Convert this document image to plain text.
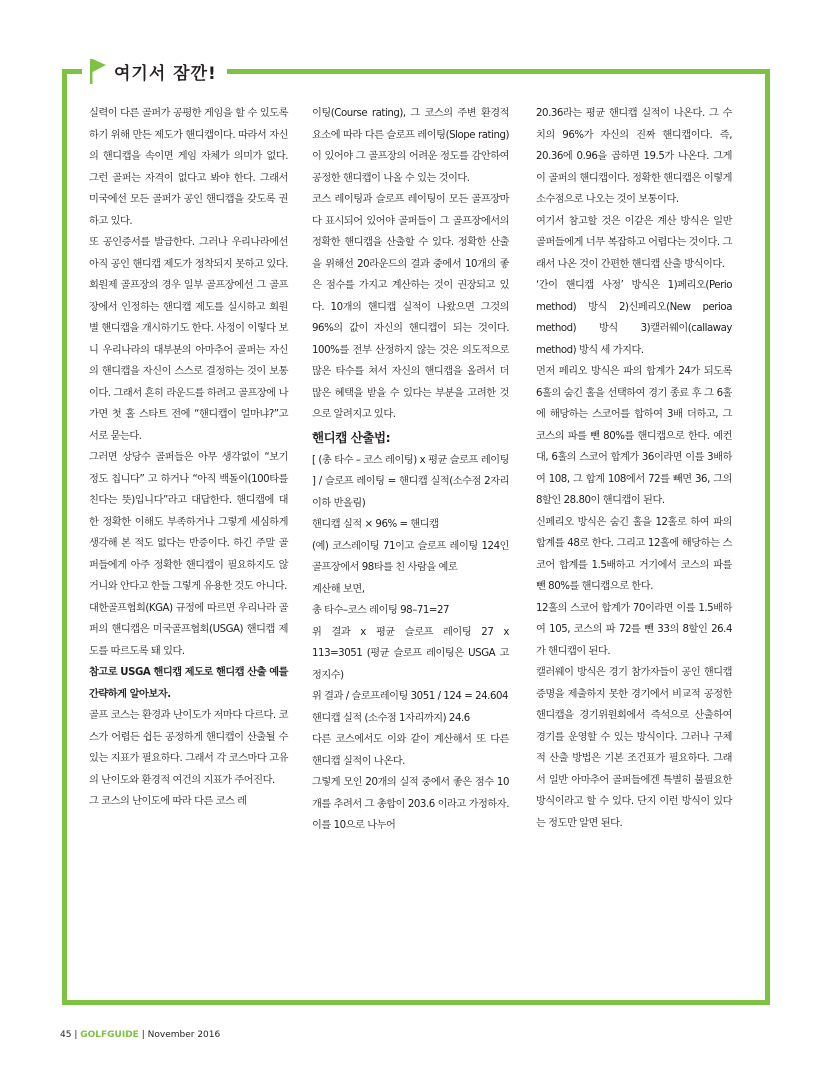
여기서 잠깐!

실력이 다른 골퍼가 공평한 게임을 할 수 있도록 하기 위해 만든 제도가 핸디캡이다. 따라서 자신의 핸디캡을 속이면 게임 자체가 의미가 없다. 그런 골퍼는 자격이 없다고 봐야 한다. 그래서 미국에선 모든 골퍼가 공인 핸디캡을 갖도록 권하고 있다.

또 공인증서를 발급한다. 그러나 우리나라에선 아직 공인 핸디캡 제도가 정착되지 못하고 있다. 회원제 골프장의 경우 일부 골프장에선 그 골프장에서 인정하는 핸디캡 제도를 실시하고 회원별 핸디캡을 개시하기도 한다. 사정이 이렇다 보니 우리나라의 대부분의 아마추어 골퍼는 자신의 핸디캡을 자신이 스스로 결정하는 것이 보통이다. 그래서 흔히 라운드를 하려고 골프장에 나가면 첫 홀 스타트 전에 “핸디캡이 얼마냐?”고 서로 묻는다.

그러면 상당수 골퍼들은 아무 생각없이 “보기 정도 칩니다” 고 하거나 “아직 백돌이(100타를 친다는 뜻)입니다”라고 대답한다. 핸디캡에 대한 정확한 이해도 부족하거나 그렇게 세심하게 생각해 본 적도 없다는 반증이다. 하긴 주말 골퍼들에게 아주 정확한 핸디캡이 필요하지도 않거니와 안다고 한들 그렇게 유용한 것도 아니다.

대한골프협회(KGA) 규정에 따르면 우리나라 골퍼의 핸디캡은 미국골프협회(USGA) 핸디캡 제도를 따르도록 돼 있다.

참고로 USGA 핸디캡 제도로 핸디캡 산출 예를 간략하게 알아보자.

골프 코스는 환경과 난이도가 저마다 다르다. 코스가 어렵든 쉽든 공정하게 핸디캡이 산출될 수 있는 지표가 필요하다. 그래서 각 코스마다 고유의 난이도와 환경적 여건의 지표가 주어진다.

그 코스의 난이도에 따라 다른 코스 레

이팅(Course rating), 그 코스의 주변 환경적 요소에 따라 다른 슬로프 레이팅(Slope rating)이 있어야 그 골프장의 어려운 정도를 감안하여 공정한 핸디캡이 나올 수 있는 것이다.

코스 레이팅과 슬로프 레이팅이 모든 골프장마다 표시되어 있어야 골퍼들이 그 골프장에서의 정확한 핸디캡을 산출할 수 있다. 정확한 산출을 위해선 20라운드의 결과 중에서 10개의 좋은 점수를 가지고 계산하는 것이 권장되고 있다. 10개의 핸디캡 실적이 나왔으면 그것의 96%의 값이 자신의 핸디캡이 되는 것이다. 100%를 전부 산정하지 않는 것은 의도적으로 많은 타수를 쳐서 자신의 핸디캡을 올려서 더 많은 혜택을 받을 수 있다는 부분을 고려한 것으로 알려지고 있다.

핸디캡 산출법:

[ (총 타수 – 코스 레이팅) x 평균 슬로프 레이팅 ] / 슬로프 레이팅 = 핸디캡 실적(소수점 2자리 이하 반올림)

핸디캡 실적 × 96% = 핸디캡

(예) 코스레이팅 71이고 슬로프 레이팅 124인 골프장에서 98타를 친 사람을 예로

계산해 보면,

총 타수–코스 레이팅 98–71=27

위 결과 x 평균 슬로프 레이팅 27 x 113=3051 (평균 슬로프 레이팅은 USGA 고정지수)

위 결과 / 슬로프레이팅 3051 / 124 = 24.604

핸디캡 실적 (소수점 1자리까지) 24.6

다른 코스에서도 이와 같이 계산해서 또 다른 핸디캡 실적이 나온다.

그렇게 모인 20개의 실적 중에서 좋은 점수 10개를 추려서 그 총합이 203.6 이라고 가정하자. 이를 10으로 나누어

20.36라는 평균 핸디캡 실적이 나온다. 그 수치의 96%가 자신의 진짜 핸디캡이다. 즉, 20.36에 0.96을 곱하면 19.5가 나온다. 그게 이 골퍼의 핸디캡이다. 정확한 핸디캡은 이렇게 소수점으로 나오는 것이 보통이다.

여기서 참고할 것은 이같은 계산 방식은 일반 골퍼들에게 너무 복잡하고 어렵다는 것이다. 그래서 나온 것이 간편한 핸디캡 산출 방식이다.

‘간이 핸디캡 사정’ 방식은 1)페리오(Perio method) 방식 2)신페리오(New perioa method) 방식 3)캘러웨이(callaway method) 방식 세 가지다.

먼저 페리오 방식은 파의 합계가 24가 되도록 6홀의 숨긴 홀을 선택하여 경기 종료 후 그 6홀에 해당하는 스코어를 합하여 3배 더하고, 그 코스의 파를 뺀 80%를 핸디캡으로 한다. 예컨대, 6홀의 스코어 합계가 36이라면 이를 3배하여 108, 그 합계 108에서 72를 빼면 36, 그의 8할인 28.80이 핸디캡이 된다.

신페리오 방식은 숨긴 홀을 12홀로 하여 파의 합계를 48로 한다. 그리고 12홀에 해당하는 스코어 합계를 1.5배하고 거기에서 코스의 파를 뺀 80%를 핸디캡으로 한다.

12홀의 스코어 합계가 70이라면 이를 1.5배하여 105, 코스의 파 72를 뺀 33의 8할인 26.4가 핸디캡이 된다.

캘러웨이 방식은 경기 참가자들이 공인 핸디캡 증명을 제출하지 못한 경기에서 비교적 공정한 핸디캡을 경기위원회에서 즉석으로 산출하여 경기를 운영할 수 있는 방식이다. 그러나 구체적 산출 방법은 기본 조건표가 필요하다. 그래서 일반 아마추어 골퍼들에겐 특별히 불필요한 방식이라고 할 수 있다. 단지 이런 방식이 있다는 정도만 알면 된다.

45 | GOLFGUIDE | November 2016
